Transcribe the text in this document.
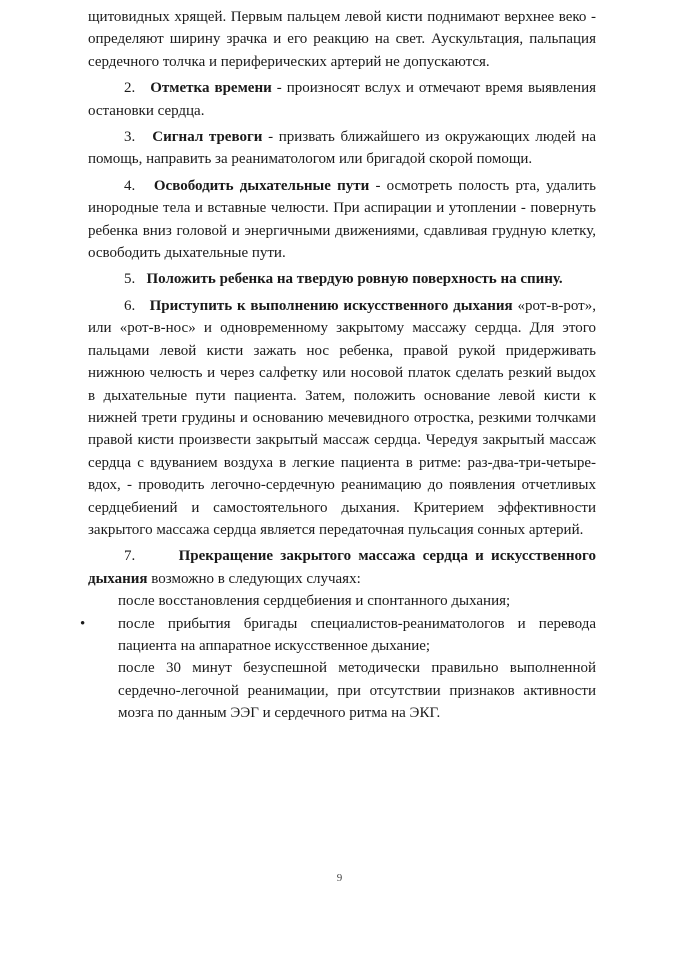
щитовидных хрящей. Первым пальцем левой кисти поднимают верхнее веко - определяют ширину зрачка и его реакцию на свет. Аускультация, пальпация сердечного толчка и периферических артерий не допускаются.

2. Отметка времени - произносят вслух и отмечают время выявления остановки сердца.

3. Сигнал тревоги - призвать ближайшего из окружающих людей на помощь, направить за реаниматологом или бригадой скорой помощи.

4. Освободить дыхательные пути - осмотреть полость рта, удалить инородные тела и вставные челюсти. При аспирации и утоплении - повернуть ребенка вниз головой и энергичными движениями, сдавливая грудную клетку, освободить дыхательные пути.

5. Положить ребенка на твердую ровную поверхность на спину.

6. Приступить к выполнению искусственного дыхания «рот-в-рот», или «рот-в-нос» и одновременному закрытому массажу сердца. Для этого пальцами левой кисти зажать нос ребенка, правой рукой придерживать нижнюю челюсть и через салфетку или носовой платок сделать резкий выдох в дыхательные пути пациента. Затем, положить основание левой кисти к нижней трети грудины и основанию мечевидного отростка, резкими толчками правой кисти произвести закрытый массаж сердца. Чередуя закрытый массаж сердца с вдуванием воздуха в легкие пациента в ритме: раз-два-три-четыре-вдох, - проводить легочно-сердечную реанимацию до появления отчетливых сердцебиений и самостоятельного дыхания. Критерием эффективности закрытого массажа сердца является передаточная пульсация сонных артерий.

7.	Прекращение закрытого массажа сердца и искусственного дыхания возможно в следующих случаях:

после восстановления сердцебиения и спонтанного дыхания;

• после прибытия бригады специалистов-реаниматологов и перевода пациента на аппаратное искусственное дыхание;

после 30 минут безуспешной методически правильно выполненной сердечно-легочной реанимации, при отсутствии признаков активности мозга по данным ЭЭГ и сердечного ритма на ЭКГ.

9
